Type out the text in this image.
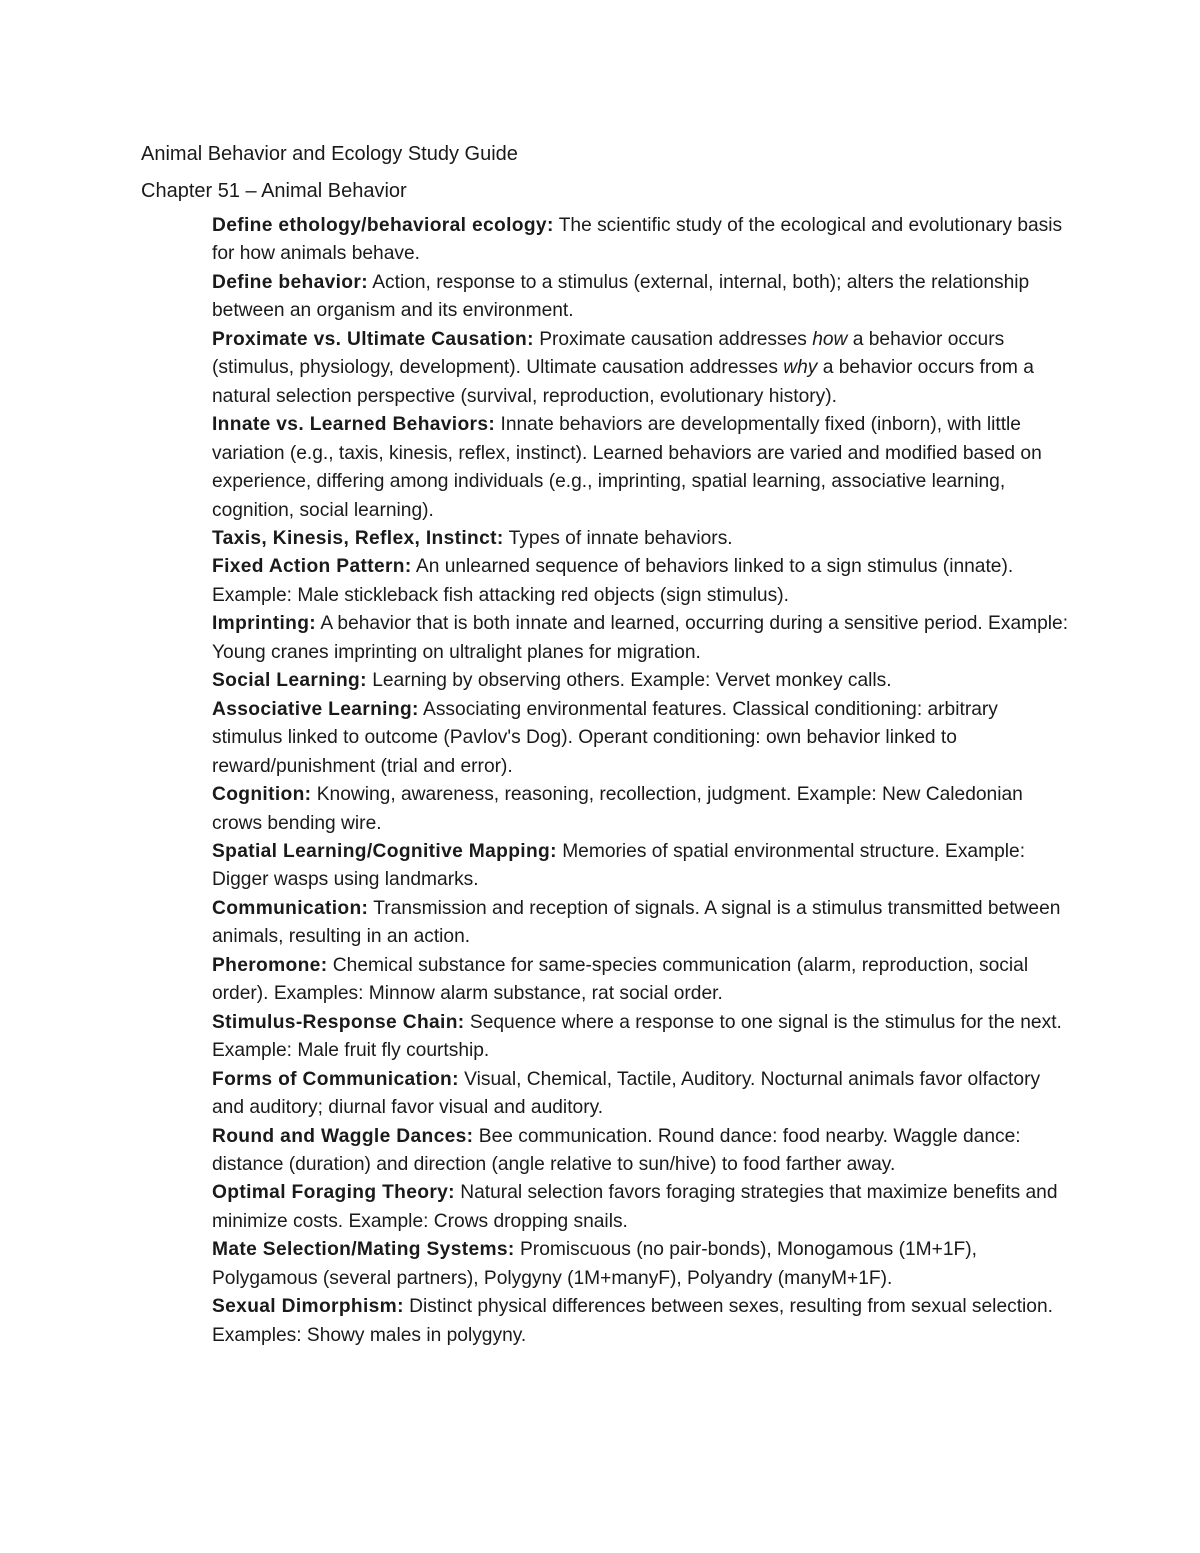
Animal Behavior and Ecology Study Guide
Chapter 51 – Animal Behavior
Define ethology/behavioral ecology: The scientific study of the ecological and evolutionary basis for how animals behave.
Define behavior: Action, response to a stimulus (external, internal, both); alters the relationship between an organism and its environment.
Proximate vs. Ultimate Causation: Proximate causation addresses how a behavior occurs (stimulus, physiology, development). Ultimate causation addresses why a behavior occurs from a natural selection perspective (survival, reproduction, evolutionary history).
Innate vs. Learned Behaviors: Innate behaviors are developmentally fixed (inborn), with little variation (e.g., taxis, kinesis, reflex, instinct). Learned behaviors are varied and modified based on experience, differing among individuals (e.g., imprinting, spatial learning, associative learning, cognition, social learning).
Taxis, Kinesis, Reflex, Instinct: Types of innate behaviors.
Fixed Action Pattern: An unlearned sequence of behaviors linked to a sign stimulus (innate). Example: Male stickleback fish attacking red objects (sign stimulus).
Imprinting: A behavior that is both innate and learned, occurring during a sensitive period. Example: Young cranes imprinting on ultralight planes for migration.
Social Learning: Learning by observing others. Example: Vervet monkey calls.
Associative Learning: Associating environmental features. Classical conditioning: arbitrary stimulus linked to outcome (Pavlov's Dog). Operant conditioning: own behavior linked to reward/punishment (trial and error).
Cognition: Knowing, awareness, reasoning, recollection, judgment. Example: New Caledonian crows bending wire.
Spatial Learning/Cognitive Mapping: Memories of spatial environmental structure. Example: Digger wasps using landmarks.
Communication: Transmission and reception of signals. A signal is a stimulus transmitted between animals, resulting in an action.
Pheromone: Chemical substance for same-species communication (alarm, reproduction, social order). Examples: Minnow alarm substance, rat social order.
Stimulus-Response Chain: Sequence where a response to one signal is the stimulus for the next. Example: Male fruit fly courtship.
Forms of Communication: Visual, Chemical, Tactile, Auditory. Nocturnal animals favor olfactory and auditory; diurnal favor visual and auditory.
Round and Waggle Dances: Bee communication. Round dance: food nearby. Waggle dance: distance (duration) and direction (angle relative to sun/hive) to food farther away.
Optimal Foraging Theory: Natural selection favors foraging strategies that maximize benefits and minimize costs. Example: Crows dropping snails.
Mate Selection/Mating Systems: Promiscuous (no pair-bonds), Monogamous (1M+1F), Polygamous (several partners), Polygyny (1M+manyF), Polyandry (manyM+1F).
Sexual Dimorphism: Distinct physical differences between sexes, resulting from sexual selection. Examples: Showy males in polygyny.
